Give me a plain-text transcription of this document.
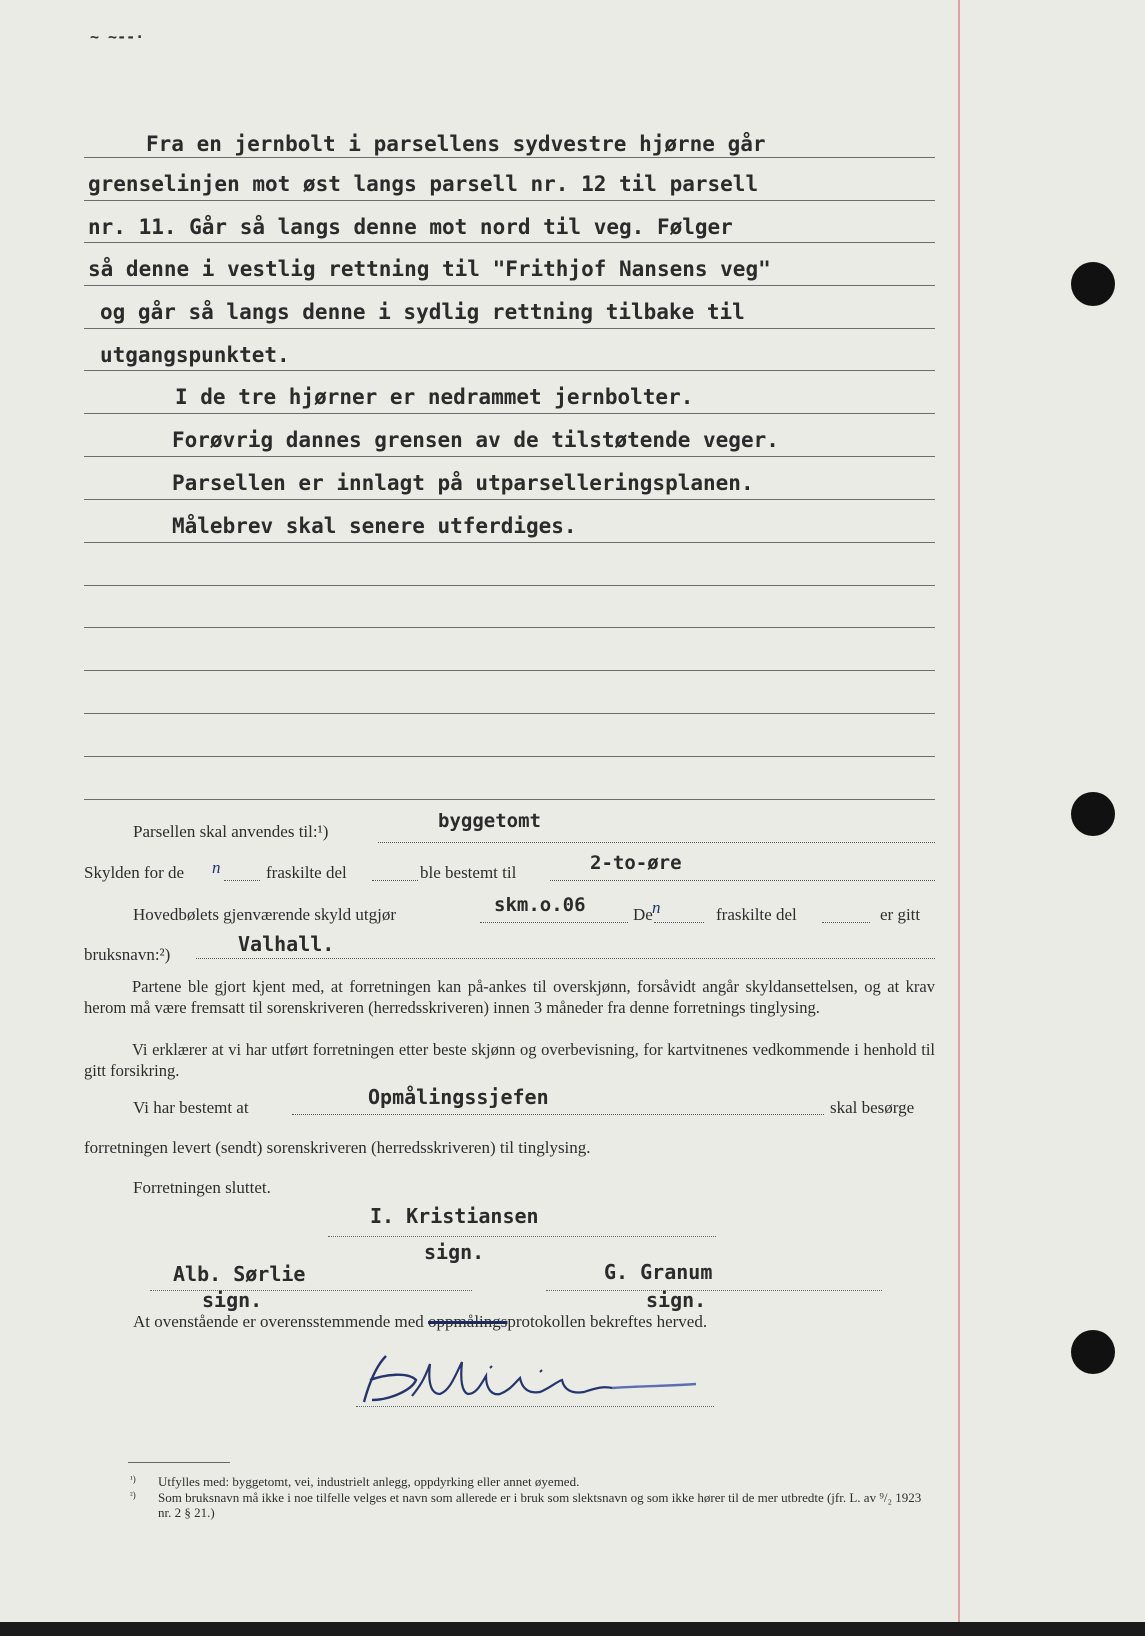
~ ~--·
Fra en jernbolt i parsellens sydvestre hjørne går
grenselinjen mot øst langs parsell nr. 12 til parsell
nr. 11. Går så langs denne mot nord til veg. Følger
så denne i vestlig rettning til "Frithjof Nansens veg"
og går så langs denne i sydlig rettning tilbake til
utgangspunktet.
I de tre hjørner er nedrammet jernbolter.
Forøvrig dannes grensen av de tilstøtende veger.
Parsellen er innlagt på utparselleringsplanen.
Målebrev skal senere utferdiges.
Parsellen skal anvendes til:¹)	byggetomt
Skylden for de n	fraskilte del	ble bestemt til	2-to-øre
Hovedbølets gjenværende skyld utgjør	skm.o.06	De n	fraskilte del	er gitt
bruksnavn:²)	Valhall.

Partene ble gjort kjent med, at forretningen kan på-ankes til overskjønn, forsåvidt angår skyldansettelsen, og at krav herom må være fremsatt til sorenskriveren (herredsskriveren) innen 3 måneder fra denne forretnings tinglysing.

Vi erklærer at vi har utført forretningen etter beste skjønn og overbevisning, for kartvitnenes vedkommende i henhold til gitt forsikring.

Vi har bestemt at	Opmålingssjefen	skal besørge
forretningen levert (sendt) sorenskriveren (herredsskriveren) til tinglysing.
Forretningen sluttet.
I. Kristiansen
sign.
Alb. Sørlie
sign.
G. Granum
sign.
At ovenstående er overensstemmende med oppmålingsprotokollen bekreftes herved.
¹)	Utfylles med: byggetomt, vei, industrielt anlegg, oppdyrking eller annet øyemed.
²)	Som bruksnavn må ikke i noe tilfelle velges et navn som allerede er i bruk som slektsnavn og som ikke hører til de mer utbredte (jfr. L. av ⁹/₂ 1923 nr. 2 § 21.)
